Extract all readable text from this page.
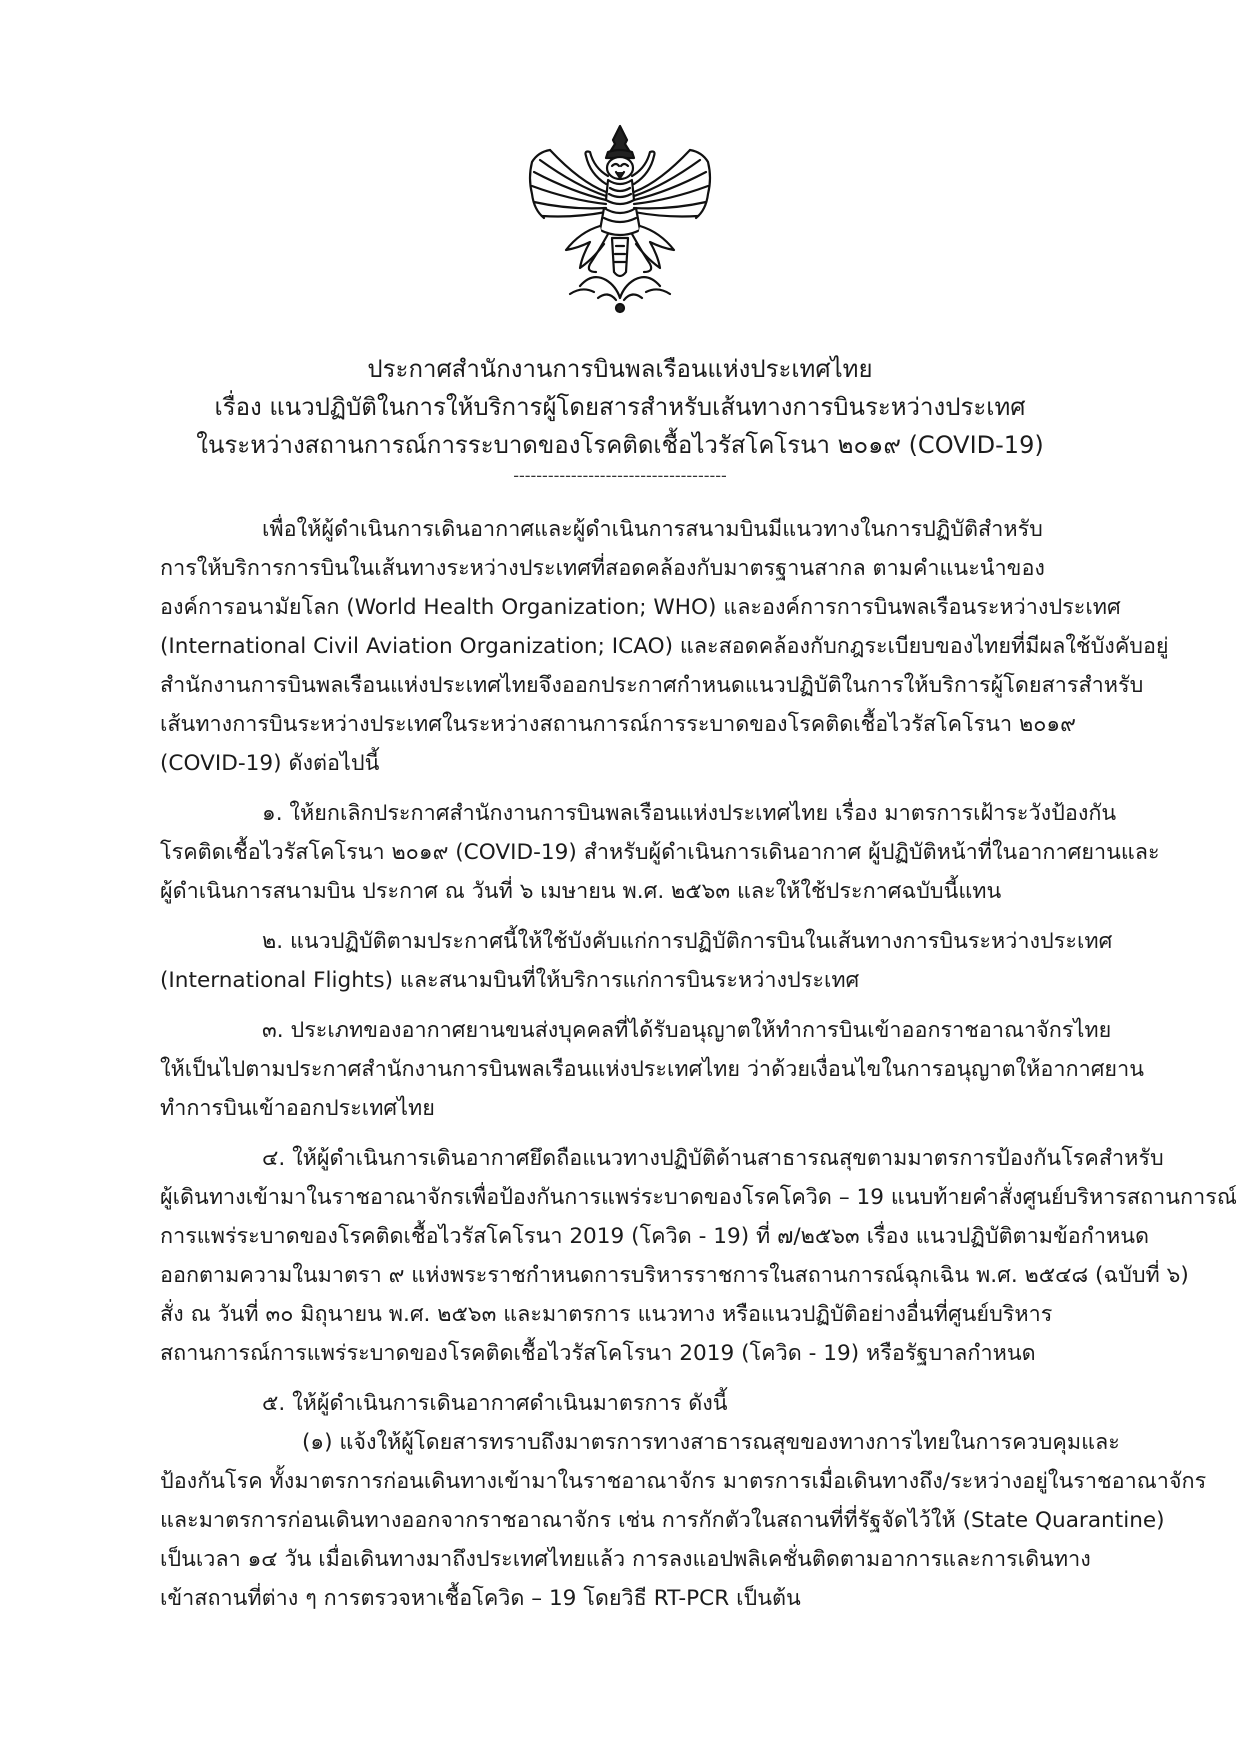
ประกาศสำนักงานการบินพลเรือนแห่งประเทศไทย
เรื่อง แนวปฏิบัติในการให้บริการผู้โดยสารสำหรับเส้นทางการบินระหว่างประเทศ
ในระหว่างสถานการณ์การระบาดของโรคติดเชื้อไวรัสโคโรนา ๒๐๑๙ (COVID-19)
-------------------------------------
เพื่อให้ผู้ดำเนินการเดินอากาศและผู้ดำเนินการสนามบินมีแนวทางในการปฏิบัติสำหรับ
การให้บริการการบินในเส้นทางระหว่างประเทศที่สอดคล้องกับมาตรฐานสากล ตามคำแนะนำของ
องค์การอนามัยโลก (World Health Organization; WHO) และองค์การการบินพลเรือนระหว่างประเทศ
(International Civil Aviation Organization; ICAO) และสอดคล้องกับกฎระเบียบของไทยที่มีผลใช้บังคับอยู่
สำนักงานการบินพลเรือนแห่งประเทศไทยจึงออกประกาศกำหนดแนวปฏิบัติในการให้บริการผู้โดยสารสำหรับ
เส้นทางการบินระหว่างประเทศในระหว่างสถานการณ์การระบาดของโรคติดเชื้อไวรัสโคโรนา ๒๐๑๙
(COVID-19) ดังต่อไปนี้
๑. ให้ยกเลิกประกาศสำนักงานการบินพลเรือนแห่งประเทศไทย เรื่อง มาตรการเฝ้าระวังป้องกัน
โรคติดเชื้อไวรัสโคโรนา ๒๐๑๙ (COVID-19) สำหรับผู้ดำเนินการเดินอากาศ ผู้ปฏิบัติหน้าที่ในอากาศยานและ
ผู้ดำเนินการสนามบิน ประกาศ ณ วันที่ ๖ เมษายน พ.ศ. ๒๕๖๓ และให้ใช้ประกาศฉบับนี้แทน
๒. แนวปฏิบัติตามประกาศนี้ให้ใช้บังคับแก่การปฏิบัติการบินในเส้นทางการบินระหว่างประเทศ
(International Flights) และสนามบินที่ให้บริการแก่การบินระหว่างประเทศ
๓. ประเภทของอากาศยานขนส่งบุคคลที่ได้รับอนุญาตให้ทำการบินเข้าออกราชอาณาจักรไทย
ให้เป็นไปตามประกาศสำนักงานการบินพลเรือนแห่งประเทศไทย ว่าด้วยเงื่อนไขในการอนุญาตให้อากาศยาน
ทำการบินเข้าออกประเทศไทย
๔. ให้ผู้ดำเนินการเดินอากาศยึดถือแนวทางปฏิบัติด้านสาธารณสุขตามมาตรการป้องกันโรคสำหรับ
ผู้เดินทางเข้ามาในราชอาณาจักรเพื่อป้องกันการแพร่ระบาดของโรคโควิด – 19 แนบท้ายคำสั่งศูนย์บริหารสถานการณ์
การแพร่ระบาดของโรคติดเชื้อไวรัสโคโรนา 2019 (โควิด - 19) ที่ ๗/๒๕๖๓ เรื่อง แนวปฏิบัติตามข้อกำหนด
ออกตามความในมาตรา ๙ แห่งพระราชกำหนดการบริหารราชการในสถานการณ์ฉุกเฉิน พ.ศ. ๒๕๔๘ (ฉบับที่ ๖)
สั่ง ณ วันที่ ๓๐ มิถุนายน พ.ศ. ๒๕๖๓ และมาตรการ แนวทาง หรือแนวปฏิบัติอย่างอื่นที่ศูนย์บริหาร
สถานการณ์การแพร่ระบาดของโรคติดเชื้อไวรัสโคโรนา 2019 (โควิด - 19) หรือรัฐบาลกำหนด
๕. ให้ผู้ดำเนินการเดินอากาศดำเนินมาตรการ ดังนี้
(๑) แจ้งให้ผู้โดยสารทราบถึงมาตรการทางสาธารณสุขของทางการไทยในการควบคุมและ
ป้องกันโรค ทั้งมาตรการก่อนเดินทางเข้ามาในราชอาณาจักร มาตรการเมื่อเดินทางถึง/ระหว่างอยู่ในราชอาณาจักร
และมาตรการก่อนเดินทางออกจากราชอาณาจักร เช่น การกักตัวในสถานที่ที่รัฐจัดไว้ให้ (State Quarantine)
เป็นเวลา ๑๔ วัน เมื่อเดินทางมาถึงประเทศไทยแล้ว การลงแอปพลิเคชั่นติดตามอาการและการเดินทาง
เข้าสถานที่ต่าง ๆ การตรวจหาเชื้อโควิด – 19 โดยวิธี RT-PCR เป็นต้น
